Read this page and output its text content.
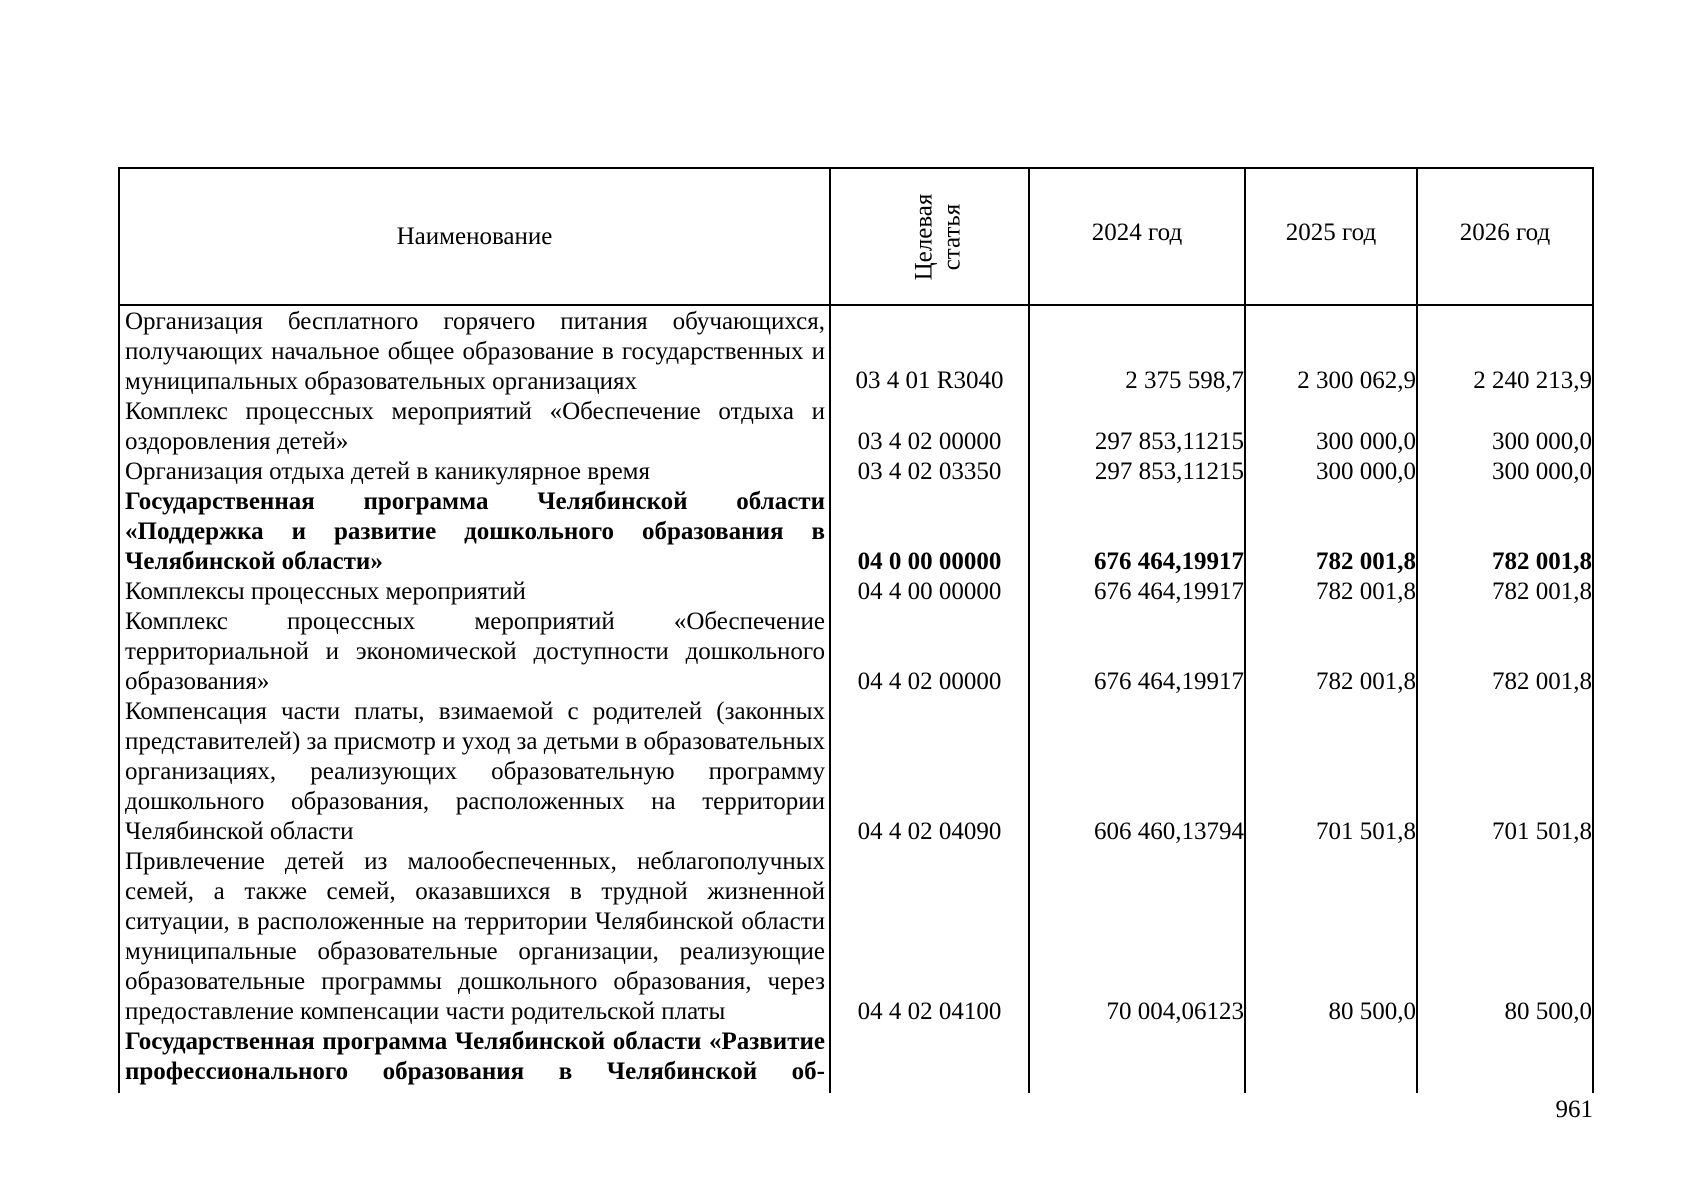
Наименование	Целевая статья	2024 год	2025 год	2026 год
Организация бесплатного горячего питания обучающихся, получающих начальное общее образование в государственных и муниципальных образовательных организациях	03 4 01 R3040	2 375 598,7	2 300 062,9	2 240 213,9
Комплекс процессных мероприятий «Обеспечение отдыха и оздоровления детей»	03 4 02 00000	297 853,11215	300 000,0	300 000,0
Организация отдыха детей в каникулярное время	03 4 02 03350	297 853,11215	300 000,0	300 000,0
Государственная программа Челябинской области «Поддержка и развитие дошкольного образования в Челябинской области»	04 0 00 00000	676 464,19917	782 001,8	782 001,8
Комплексы процессных мероприятий	04 4 00 00000	676 464,19917	782 001,8	782 001,8
Комплекс процессных мероприятий «Обеспечение территориальной и экономической доступности дошкольного образования»	04 4 02 00000	676 464,19917	782 001,8	782 001,8
Компенсация части платы, взимаемой с родителей (законных представителей) за присмотр и уход за детьми в образовательных организациях, реализующих образовательную программу дошкольного образования, расположенных на территории Челябинской области	04 4 02 04090	606 460,13794	701 501,8	701 501,8
Привлечение детей из малообеспеченных, неблагополучных семей, а также семей, оказавшихся в трудной жизненной ситуации, в расположенные на территории Челябинской области муниципальные образовательные организации, реализующие образовательные программы дошкольного образования, через предоставление компенсации части родительской платы	04 4 02 04100	70 004,06123	80 500,0	80 500,0
Государственная программа Челябинской области «Развитие профессионального образования в Челябинской об-
961
